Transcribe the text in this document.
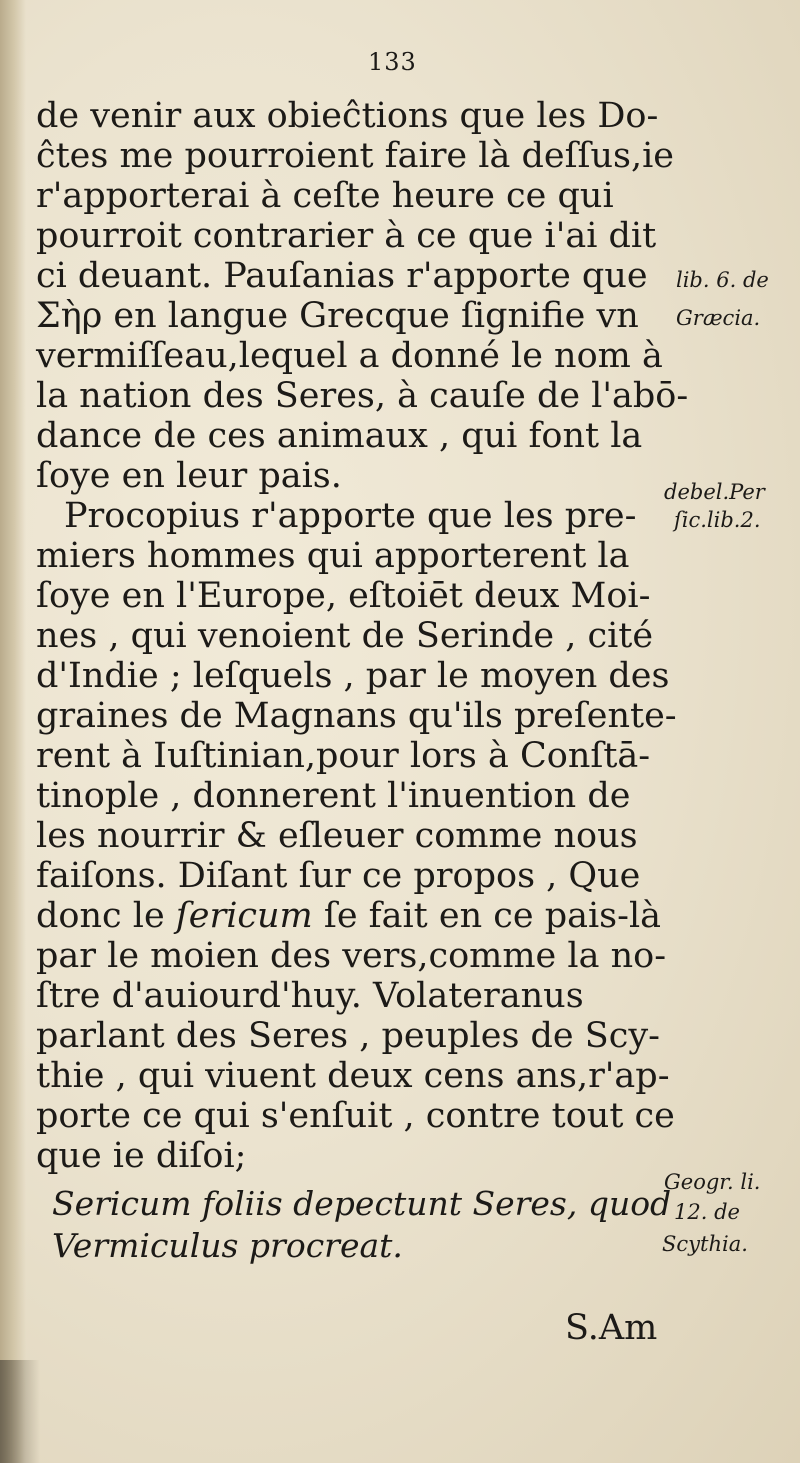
133
de venir aux obieĉtions que les Do-
ĉtes me pourroient faire là deſſus,ie
r'apporterai à ceſte heure ce qui
pourroit contrarier à ce que i'ai dit
ci deuant. Pauſanias r'apporte que
Σὴρ en langue Grecque ſignifie vn
vermiſſeau,lequel a donné le nom à
la nation des Seres, à cauſe de l'abō-
dance de ces animaux , qui font la
ſoye en leur pais.
Procopius r'apporte que les pre-
miers hommes qui apporterent la
ſoye en l'Europe, eſtoiēt deux Moi-
nes , qui venoient de Serinde , cité
d'Indie ; leſquels , par le moyen des
graines de Magnans qu'ils preſente-
rent à Iuſtinian,pour lors à Conſtā-
tinople , donnerent l'inuention de
les nourrir & eſleuer comme nous
faiſons. Diſant ſur ce propos , Que
donc le ſericum ſe fait en ce pais-là
par le moien des vers,comme la no-
ſtre d'auiourd'huy. Volateranus
parlant des Seres , peuples de Scy-
thie , qui viuent deux cens ans,r'ap-
porte ce qui s'enſuit , contre tout ce
que ie diſoi;
Sericum foliis depectunt Seres, quod
Vermiculus procreat.
lib. 6. de
Græcia.
debel.Per
ſic.lib.2.
Geogr. li.
12. de
Scythia.
S.Am
